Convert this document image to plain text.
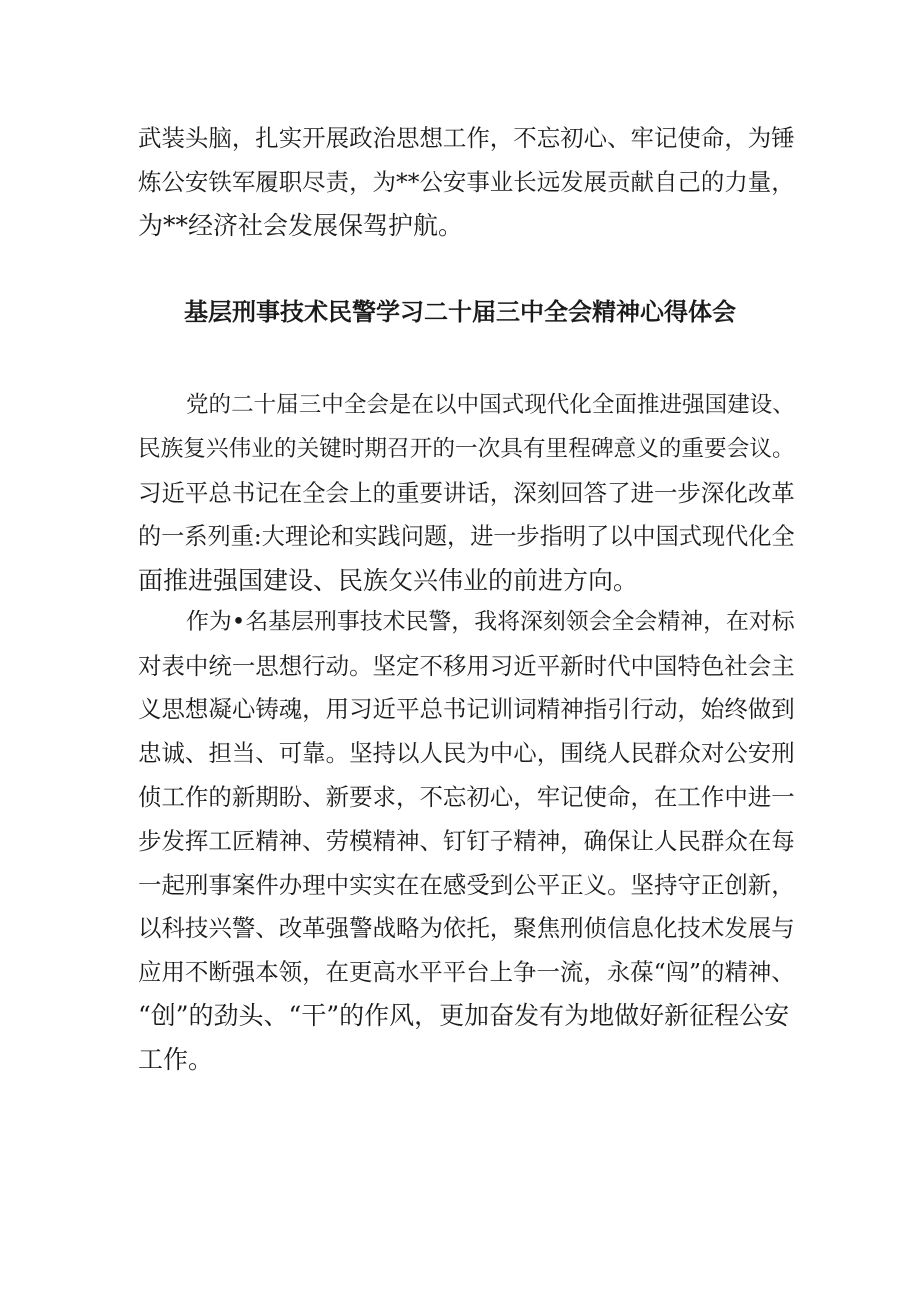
武装头脑，扎实开展政治思想工作，不忘初心、牢记使命，为锤

炼公安铁军履职尽责，为**公安事业长远发展贡献自己的力量，

为**经济社会发展保驾护航。

基层刑事技术民警学习二十届三中全会精神心得体会

党的二十届三中全会是在以中国式现代化全面推进强国建设、

民族复兴伟业的关键时期召开的一次具有里程碑意义的重要会议。

习近平总书记在全会上的重要讲话，深刻回答了进一步深化改革

的一系列重:大理论和实践问题，进一步指明了以中国式现代化全

面推进强国建设、民族攵兴伟业的前进方向。

作为•名基层刑事技术民警，我将深刻领会全会精神，在对标

对表中统一思想行动。坚定不移用习近平新时代中国特色社会主

义思想凝心铸魂，用习近平总书记训词精神指引行动，始终做到

忠诚、担当、可靠。坚持以人民为中心，围绕人民群众对公安刑

侦工作的新期盼、新要求，不忘初心，牢记使命，在工作中进一

步发挥工匠精神、劳模精神、钉钉子精神，确保让人民群众在每

一起刑事案件办理中实实在在感受到公平正义。坚持守正创新，

以科技兴警、改革强警战略为依托，聚焦刑侦信息化技术发展与

应用不断强本领，在更高水平平台上争一流，永葆“闯”的精神、

“创”的劲头、“干”的作风，更加奋发有为地做好新征程公安

工作。
